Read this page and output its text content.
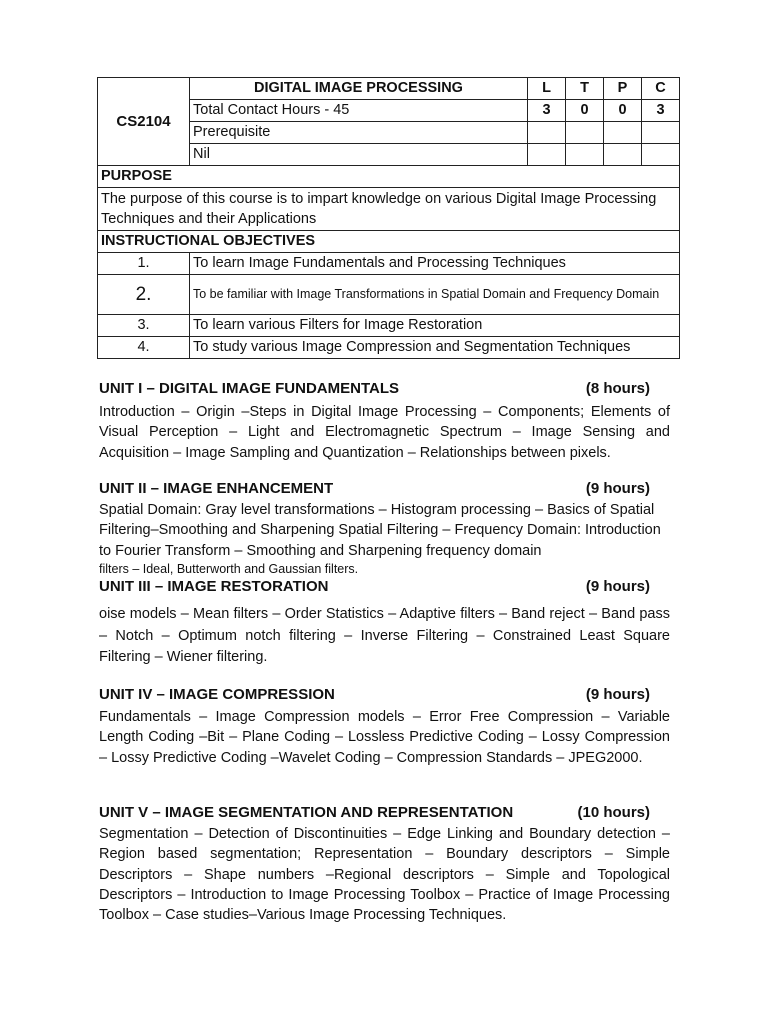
CS2104	DIGITAL IMAGE PROCESSING	L	T	P	C
	Total Contact Hours - 45	3	0	0	3
	Prerequisite				
	Nil				
PURPOSE					
The purpose of this course is to impart knowledge on various Digital Image Processing Techniques and their Applications					
INSTRUCTIONAL OBJECTIVES					
1.	To learn Image Fundamentals and Processing Techniques				
2.	To be familiar with Image Transformations in Spatial Domain and Frequency Domain				
3.	To learn various Filters for Image Restoration				
4.	To study various Image Compression and Segmentation Techniques				
UNIT I – DIGITAL IMAGE FUNDAMENTALS	(8 hours)
Introduction – Origin –Steps in Digital Image Processing – Components; Elements of Visual Perception – Light and Electromagnetic Spectrum – Image Sensing and Acquisition – Image Sampling and Quantization – Relationships between pixels.
UNIT II – IMAGE ENHANCEMENT	(9 hours)
Spatial Domain: Gray level transformations – Histogram processing – Basics of Spatial Filtering–Smoothing and Sharpening Spatial Filtering – Frequency Domain: Introduction to Fourier Transform – Smoothing and Sharpening frequency domain
filters – Ideal, Butterworth and Gaussian filters.
UNIT III – IMAGE RESTORATION	(9 hours)
oise models – Mean filters – Order Statistics – Adaptive filters – Band reject – Band pass – Notch – Optimum notch filtering – Inverse Filtering – Constrained Least Square Filtering – Wiener filtering.
UNIT IV – IMAGE COMPRESSION	(9 hours)
Fundamentals – Image Compression models – Error Free Compression – Variable Length Coding –Bit – Plane Coding – Lossless Predictive Coding – Lossy Compression – Lossy Predictive Coding –Wavelet Coding – Compression Standards – JPEG2000.
UNIT V – IMAGE SEGMENTATION AND REPRESENTATION	(10 hours)
Segmentation – Detection of Discontinuities – Edge Linking and Boundary detection – Region based segmentation; Representation – Boundary descriptors – Simple Descriptors – Shape numbers –Regional descriptors – Simple and Topological Descriptors – Introduction to Image Processing Toolbox – Practice of Image Processing Toolbox – Case studies–Various Image Processing Techniques.
